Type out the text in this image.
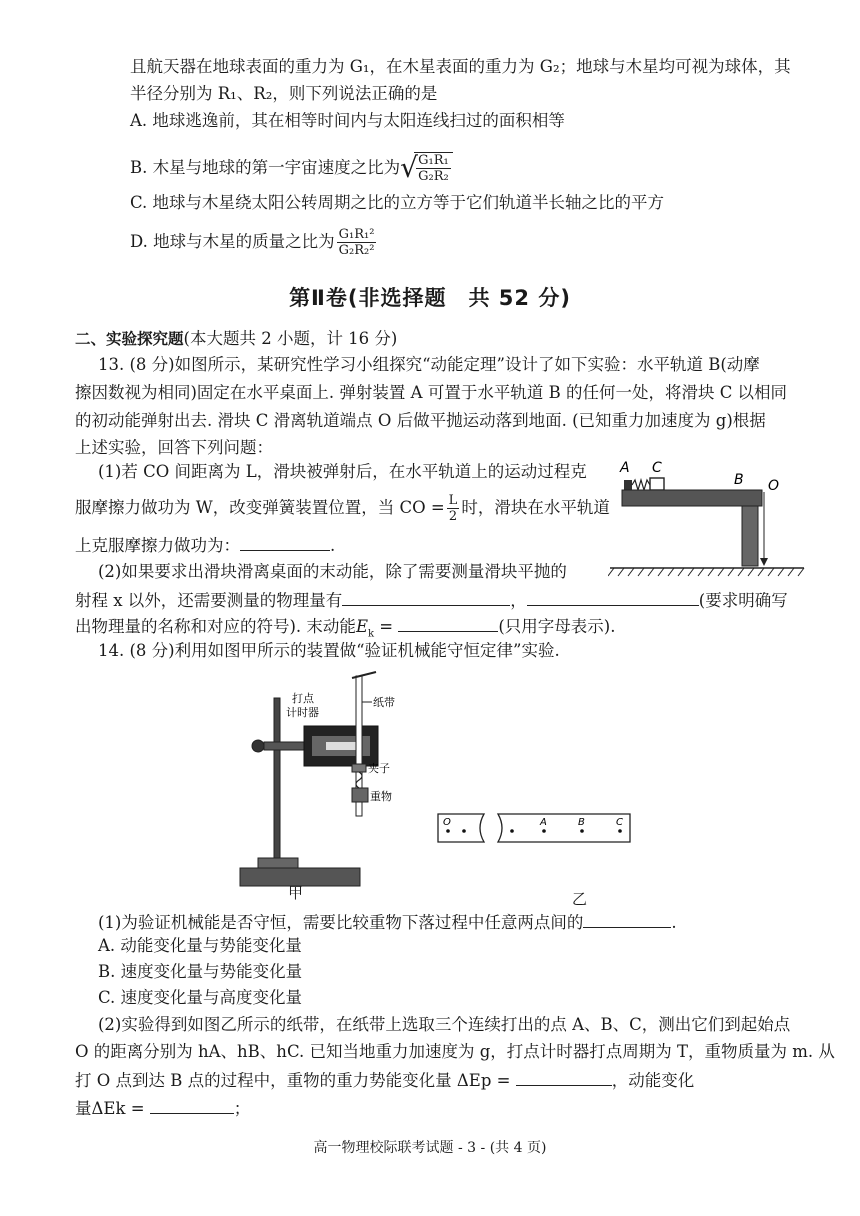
且航天器在地球表面的重力为 G₁，在木星表面的重力为 G₂；地球与木星均可视为球体，其
半径分别为 R₁、R₂，则下列说法正确的是
A. 地球逃逸前，其在相等时间内与太阳连线扫过的面积相等
B. 木星与地球的第一宇宙速度之比为 √
$\frac{\text{G₁R₁}}{\text{G₂R₂}}$
C. 地球与木星绕太阳公转周期之比的立方等于它们轨道半长轴之比的平方
D. 地球与木星的质量之比为 $\frac{\text{G₁R₁²}}{\text{G₂R₂²}}$
第Ⅱ卷(非选择题　共 52 分)
二、实验探究题(本大题共 2 小题，计 16 分)
13. (8 分)如图所示，某研究性学习小组探究“动能定理”设计了如下实验：水平轨道 B(动摩
擦因数视为相同)固定在水平桌面上. 弹射装置 A 可置于水平轨道 B 的任何一处，将滑块 C 以相同
的初动能弹射出去. 滑块 C 滑离轨道端点 O 后做平抛运动落到地面. (已知重力加速度为 g)根据
上述实验，回答下列问题：
(1)若 CO 间距离为 L，滑块被弹射后，在水平轨道上的运动过程克
服摩擦力做功为 W，改变弹簧装置位置，当 CO = $\frac{L}{2}$ 时，滑块在水平轨道
上克服摩擦力做功为：	.
(2)如果要求出滑块滑离桌面的末动能，除了需要测量滑块平抛的
射程 x 以外，还需要测量的物理量有	，	(要求明确写
出物理量的名称和对应的符号). 末动能$E_k$ =	(只用字母表示).
A C
B O
14. (8 分)利用如图甲所示的装置做“验证机械能守恒定律”实验.
打点
计时器
纸带
夹子
重物
甲
O	A	B	C
乙
(1)为验证机械能是否守恒，需要比较重物下落过程中任意两点间的	.
A. 动能变化量与势能变化量
B. 速度变化量与势能变化量
C. 速度变化量与高度变化量
(2)实验得到如图乙所示的纸带，在纸带上选取三个连续打出的点 A、B、C，测出它们到起始点
O 的距离分别为 hA、hB、hC. 已知当地重力加速度为 g，打点计时器打点周期为 T，重物质量为 m. 从
打 O 点到达 B 点的过程中，重物的重力势能变化量 ΔEp =	，动能变化
量ΔEk =	；
高一物理校际联考试题 - 3 - (共 4 页)
